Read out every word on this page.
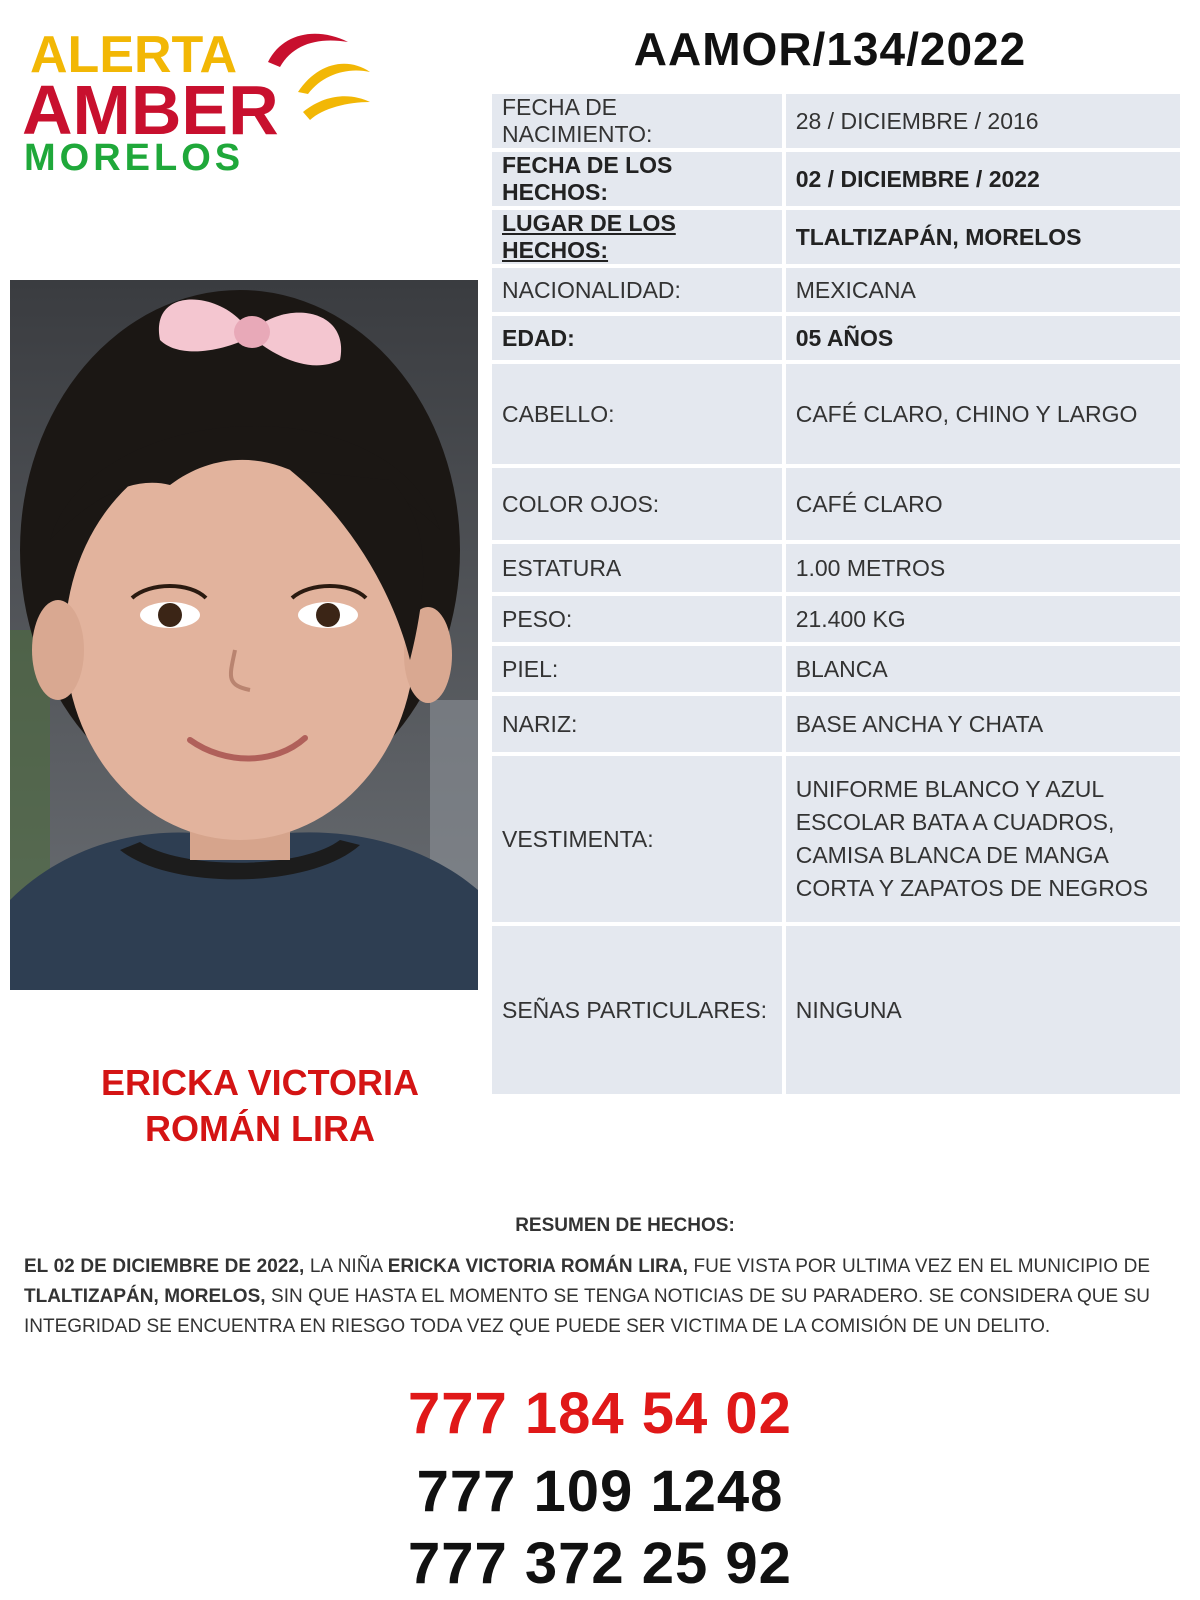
ALERTA
AMBER
MORELOS
AAMOR/134/2022
FECHA DE NACIMIENTO:	28 / DICIEMBRE / 2016
FECHA DE LOS HECHOS:	02 / DICIEMBRE / 2022
LUGAR DE LOS HECHOS:	TLALTIZAPÁN, MORELOS
NACIONALIDAD:	MEXICANA
EDAD:	05 AÑOS
CABELLO:	CAFÉ CLARO, CHINO Y LARGO
COLOR OJOS:	CAFÉ CLARO
ESTATURA	1.00 METROS
PESO:	21.400 KG
PIEL:	BLANCA
NARIZ:	BASE ANCHA Y CHATA
VESTIMENTA:	UNIFORME BLANCO Y AZUL ESCOLAR BATA A CUADROS, CAMISA BLANCA DE MANGA CORTA Y ZAPATOS DE NEGROS
SEÑAS PARTICULARES:	NINGUNA
ERICKA VICTORIA
ROMÁN LIRA
RESUMEN DE HECHOS:
EL 02 DE DICIEMBRE DE 2022, LA NIÑA ERICKA VICTORIA ROMÁN LIRA, FUE VISTA POR ULTIMA VEZ EN EL MUNICIPIO DE TLALTIZAPÁN, MORELOS, SIN QUE HASTA EL MOMENTO SE TENGA NOTICIAS DE SU PARADERO. SE CONSIDERA QUE SU INTEGRIDAD SE ENCUENTRA EN RIESGO TODA VEZ QUE PUEDE SER VICTIMA DE LA COMISIÓN DE UN DELITO.
777 184 54 02
777 109 1248
777 372 25 92
